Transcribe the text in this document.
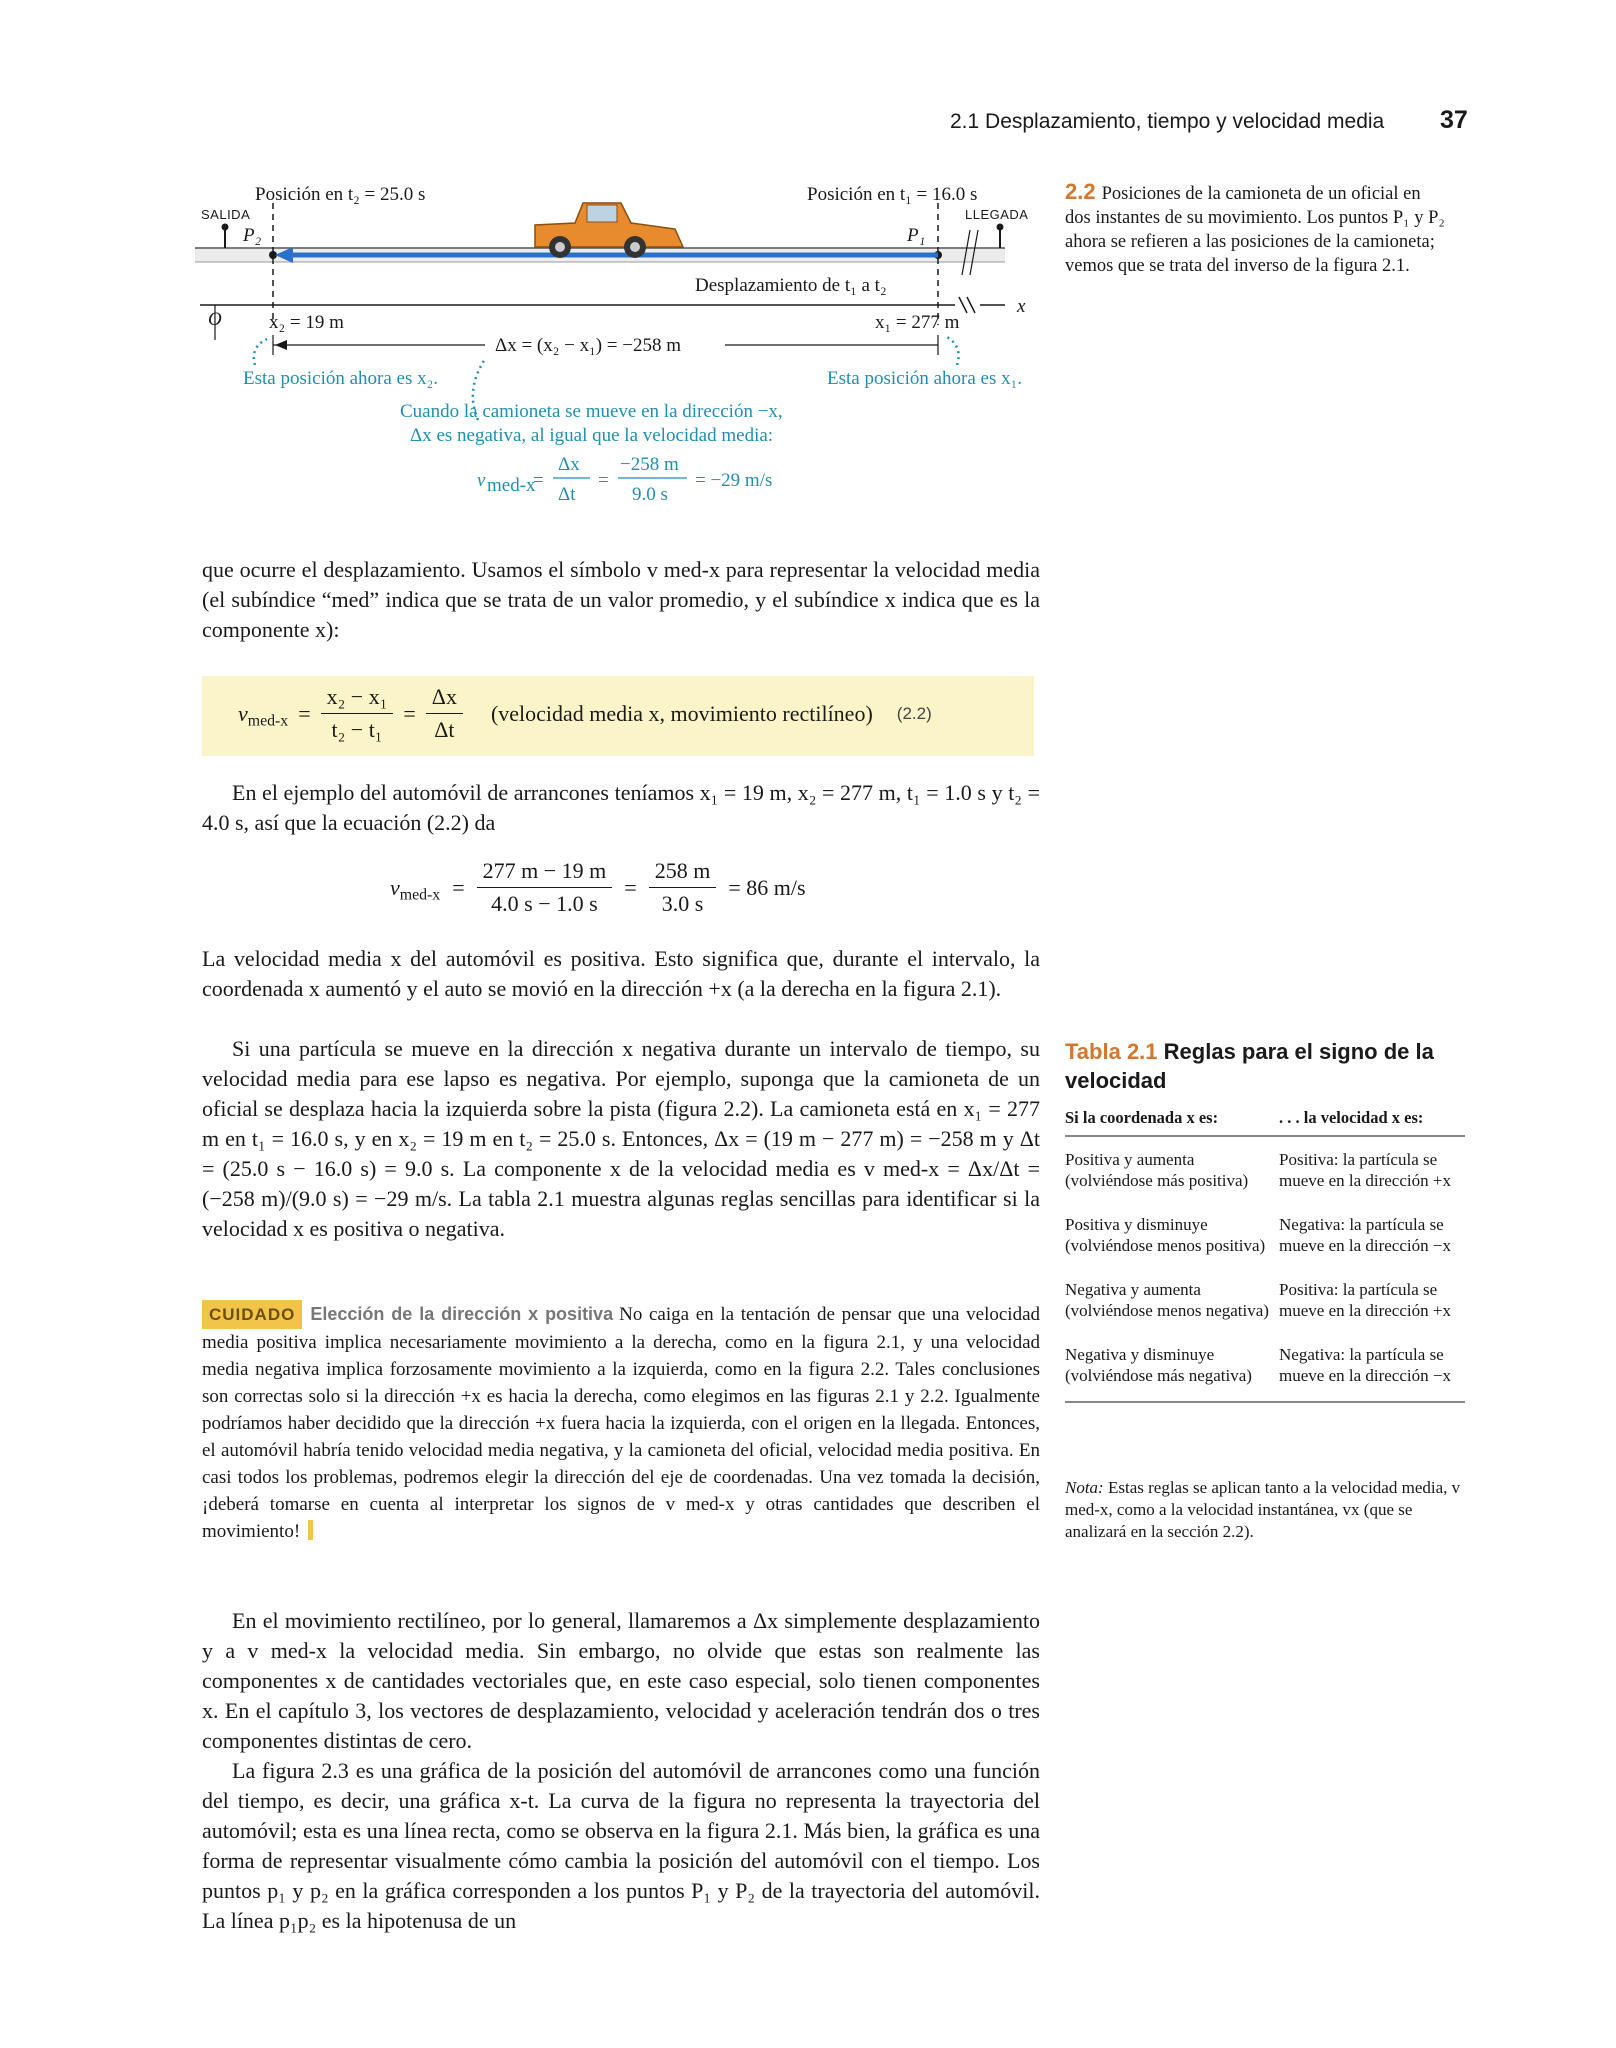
2.1 Desplazamiento, tiempo y velocidad media 37
Posición en t₂ = 25.0 s	Posición en t₁ = 16.0 s
SALIDA	LLEGADA
P₂	P₁
Desplazamiento de t₁ a t₂
O
x
x₂ = 19 m	x₁ = 277 m
Δx = (x₂ − x₁) = −258 m
Esta posición ahora es x₂.	Esta posición ahora es x₁.
Cuando la camioneta se mueve en la dirección −x,
Δx es negativa, al igual que la velocidad media:
v med-x
=
Δx
Δt
=
−258 m
9.0 s
= −29 m/s
2.2 Posiciones de la camioneta de un oficial en dos instantes de su movimiento. Los puntos P₁ y P₂ ahora se refieren a las posiciones de la camioneta; vemos que se trata del inverso de la figura 2.1.
que ocurre el desplazamiento. Usamos el símbolo v med-x para representar la velocidad media (el subíndice “med” indica que se trata de un valor promedio, y el subíndice x indica que es la componente x):
$v_{med-x} = \frac{\text{x₂ − x₁}}{\text{t₂ − t₁}} = \frac{\Delta x}{\Delta t}$ (velocidad media x, movimiento rectilíneo) (2.2)
En el ejemplo del automóvil de arrancones teníamos x₁ = 19 m, x₂ = 277 m, t₁ = 1.0 s y t₂ = 4.0 s, así que la ecuación (2.2) da
$v_{med-x} = \frac{277 m - 19 m}{4.0 s - 1.0 s} = \frac{258 m}{3.0 s} = 86$ m/s
La velocidad media x del automóvil es positiva. Esto significa que, durante el intervalo, la coordenada x aumentó y el auto se movió en la dirección +x (a la derecha en la figura 2.1).
Si una partícula se mueve en la dirección x negativa durante un intervalo de tiempo, su velocidad media para ese lapso es negativa. Por ejemplo, suponga que la camioneta de un oficial se desplaza hacia la izquierda sobre la pista (figura 2.2). La camioneta está en x₁ = 277 m en t₁ = 16.0 s, y en x₂ = 19 m en t₂ = 25.0 s. Entonces, Δx = (19 m − 277 m) = −258 m y Δt = (25.0 s − 16.0 s) = 9.0 s. La componente x de la velocidad media es v med-x = Δx/Δt = (−258 m)/(9.0 s) = −29 m/s. La tabla 2.1 muestra algunas reglas sencillas para identificar si la velocidad x es positiva o negativa.
CUIDADO Elección de la dirección x positiva No caiga en la tentación de pensar que una velocidad media positiva implica necesariamente movimiento a la derecha, como en la figura 2.1, y una velocidad media negativa implica forzosamente movimiento a la izquierda, como en la figura 2.2. Tales conclusiones son correctas solo si la dirección +x es hacia la derecha, como elegimos en las figuras 2.1 y 2.2. Igualmente podríamos haber decidido que la dirección +x fuera hacia la izquierda, con el origen en la llegada. Entonces, el automóvil habría tenido velocidad media negativa, y la camioneta del oficial, velocidad media positiva. En casi todos los problemas, podremos elegir la dirección del eje de coordenadas. Una vez tomada la decisión, ¡deberá tomarse en cuenta al interpretar los signos de v med-x y otras cantidades que describen el movimiento!
En el movimiento rectilíneo, por lo general, llamaremos a Δx simplemente desplazamiento y a v med-x la velocidad media. Sin embargo, no olvide que estas son realmente las componentes x de cantidades vectoriales que, en este caso especial, solo tienen componentes x. En el capítulo 3, los vectores de desplazamiento, velocidad y aceleración tendrán dos o tres componentes distintas de cero.
La figura 2.3 es una gráfica de la posición del automóvil de arrancones como una función del tiempo, es decir, una gráfica x-t. La curva de la figura no representa la trayectoria del automóvil; esta es una línea recta, como se observa en la figura 2.1. Más bien, la gráfica es una forma de representar visualmente cómo cambia la posición del automóvil con el tiempo. Los puntos p₁ y p₂ en la gráfica corresponden a los puntos P₁ y P₂ de la trayectoria del automóvil. La línea p₁p₂ es la hipotenusa de un
Tabla 2.1 Reglas para el signo de la velocidad
Si la coordenada x es:	. . . la velocidad x es:
Positiva y aumenta (volviéndose más positiva)	Positiva: la partícula se mueve en la dirección +x
Positiva y disminuye (volviéndose menos positiva)	Negativa: la partícula se mueve en la dirección −x
Negativa y aumenta (volviéndose menos negativa)	Positiva: la partícula se mueve en la dirección +x
Negativa y disminuye (volviéndose más negativa)	Negativa: la partícula se mueve en la dirección −x
Nota: Estas reglas se aplican tanto a la velocidad media, v med-x, como a la velocidad instantánea, vx (que se analizará en la sección 2.2).
